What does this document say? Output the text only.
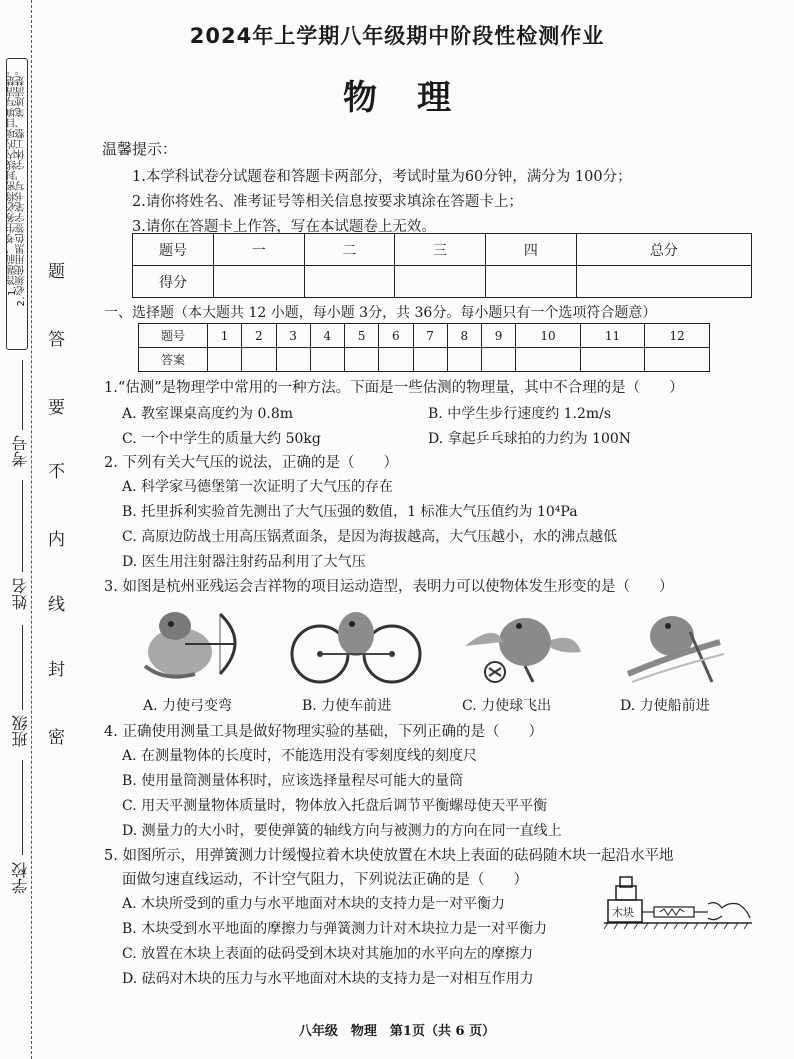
1.答题前，考生务必将密封线内的项目填写清楚。
2.必须使用黑色签字笔书写，字体工整、笔迹清楚。
学校
班级
姓名
考号
密
封
线
内
不
要
答
题
2024年上学期八年级期中阶段性检测作业
物理
温馨提示：
1.本学科试卷分试题卷和答题卡两部分，考试时量为60分钟，满分为 100分；
2.请你将姓名、准考证号等相关信息按要求填涂在答题卡上；
3.请你在答题卡上作答，写在本试题卷上无效。
题号	一	二	三	四	总分
得分					
一、选择题（本大题共 12 小题，每小题 3分，共 36分。每小题只有一个选项符合题意）
题号	1	2	3	4	5	6	7	8	9	10	11	12
答案												
1.“估测”是物理学中常用的一种方法。下面是一些估测的物理量，其中不合理的是（　　）
A. 教室课桌高度约为 0.8m	B. 中学生步行速度约 1.2m/s
C. 一个中学生的质量大约 50kg	D. 拿起乒乓球拍的力约为 100N
2. 下列有关大气压的说法，正确的是（　　）
A. 科学家马德堡第一次证明了大气压的存在
B. 托里拆利实验首先测出了大气压强的数值，1 标准大气压值约为 10⁴Pa
C. 高原边防战士用高压锅煮面条，是因为海拔越高，大气压越小，水的沸点越低
D. 医生用注射器注射药品利用了大气压
3. 如图是杭州亚残运会吉祥物的项目运动造型，表明力可以使物体发生形变的是（　　）
A. 力使弓变弯	B. 力使车前进	C. 力使球飞出	D. 力使船前进
4. 正确使用测量工具是做好物理实验的基础，下列正确的是（　　）
A. 在测量物体的长度时，不能选用没有零刻度线的刻度尺
B. 使用量筒测量体积时，应该选择量程尽可能大的量筒
C. 用天平测量物体质量时，物体放入托盘后调节平衡螺母使天平平衡
D. 测量力的大小时，要使弹簧的轴线方向与被测力的方向在同一直线上
5. 如图所示，用弹簧测力计缓慢拉着木块使放置在木块上表面的砝码随木块一起沿水平地
面做匀速直线运动，不计空气阻力，下列说法正确的是（　　）
A. 木块所受到的重力与水平地面对木块的支持力是一对平衡力
B. 木块受到水平地面的摩擦力与弹簧测力计对木块拉力是一对平衡力
C. 放置在木块上表面的砝码受到木块对其施加的水平向左的摩擦力
D. 砝码对木块的压力与水平地面对木块的支持力是一对相互作用力
木块
八年级　物理　第1页（共 6 页）
